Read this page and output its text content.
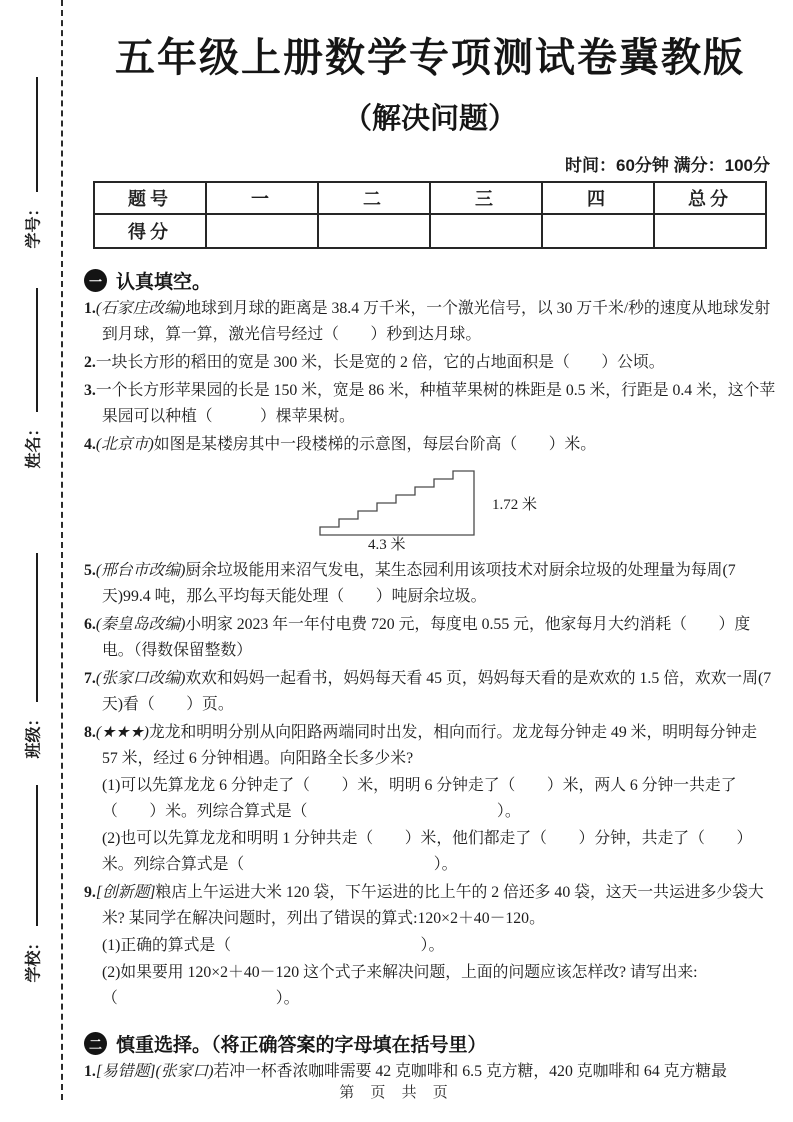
学号：
姓名：
班级：
学校：
五年级上册数学专项测试卷冀教版
（解决问题）
时间：60分钟 满分：100分
题号	一	二	三	四	总分
得分					
一 认真填空。
1.(石家庄改编)地球到月球的距离是 38.4 万千米，一个激光信号，以 30 万千米/秒的速度从地球发射到月球，算一算，激光信号经过（　　）秒到达月球。
2.一块长方形的稻田的宽是 300 米，长是宽的 2 倍，它的占地面积是（　　）公顷。
3.一个长方形苹果园的长是 150 米，宽是 86 米，种植苹果树的株距是 0.5 米，行距是 0.4 米，这个苹果园可以种植（　　　）棵苹果树。
4.(北京市)如图是某楼房其中一段楼梯的示意图，每层台阶高（　　）米。
1.72 米
4.3 米
5.(邢台市改编)厨余垃圾能用来沼气发电，某生态园利用该项技术对厨余垃圾的处理量为每周(7 天)99.4 吨，那么平均每天能处理（　　）吨厨余垃圾。
6.(秦皇岛改编)小明家 2023 年一年付电费 720 元，每度电 0.55 元，他家每月大约消耗（　　）度电。（得数保留整数）
7.(张家口改编)欢欢和妈妈一起看书，妈妈每天看 45 页，妈妈每天看的是欢欢的 1.5 倍，欢欢一周(7 天)看（　　）页。
8.(★★★)龙龙和明明分别从向阳路两端同时出发，相向而行。龙龙每分钟走 49 米，明明每分钟走 57 米，经过 6 分钟相遇。向阳路全长多少米?
(1)可以先算龙龙 6 分钟走了（　　）米，明明 6 分钟走了（　　）米，两人 6 分钟一共走了（　　）米。列综合算式是（　　　　　　　　　　　　）。
(2)也可以先算龙龙和明明 1 分钟共走（　　）米，他们都走了（　　）分钟，共走了（　　）米。列综合算式是（　　　　　　　　　　　　）。
9.[创新题]粮店上午运进大米 120 袋，下午运进的比上午的 2 倍还多 40 袋，这天一共运进多少袋大米? 某同学在解决问题时，列出了错误的算式:120×2＋40－120。
(1)正确的算式是（　　　　　　　　　　　　）。
(2)如果要用 120×2＋40－120 这个式子来解决问题，上面的问题应该怎样改? 请写出来:（　　　　　　　　　　）。
二 慎重选择。（将正确答案的字母填在括号里）
1.[易错题](张家口)若冲一杯香浓咖啡需要 42 克咖啡和 6.5 克方糖，420 克咖啡和 64 克方糖最
第 页 共 页
